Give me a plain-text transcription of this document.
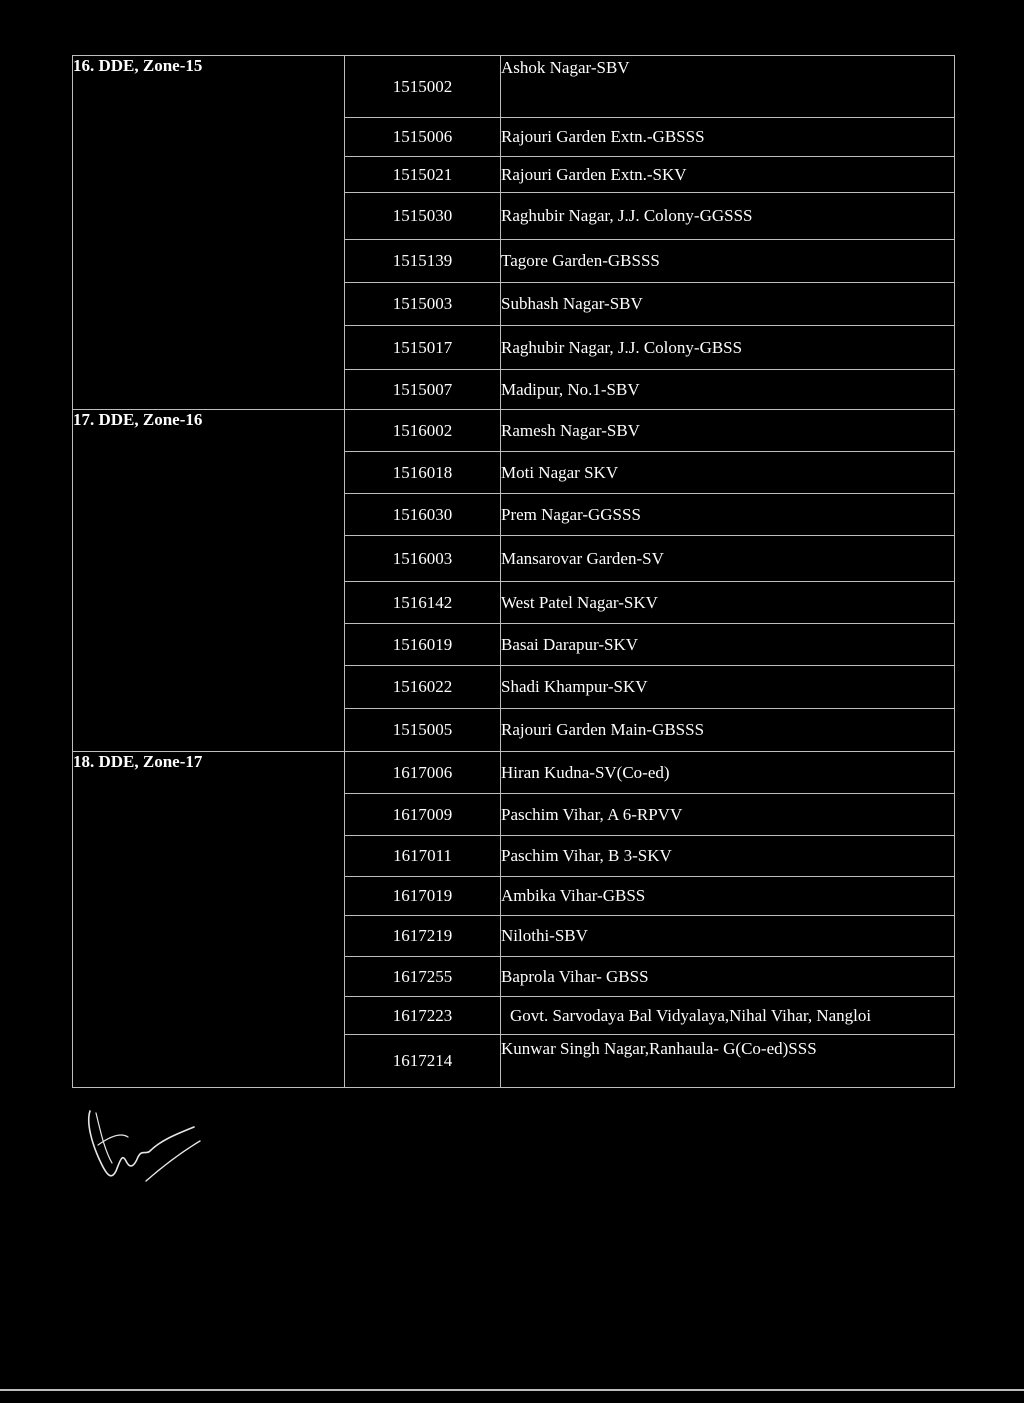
16. DDE, Zone-15	1515002	Ashok Nagar-SBV
	1515006	Rajouri Garden Extn.-GBSSS
	1515021	Rajouri Garden Extn.-SKV
	1515030	Raghubir Nagar, J.J. Colony-GGSSS
	1515139	Tagore Garden-GBSSS
	1515003	Subhash Nagar-SBV
	1515017	Raghubir Nagar, J.J. Colony-GBSS
	1515007	Madipur, No.1-SBV
17. DDE, Zone-16	1516002	Ramesh Nagar-SBV
	1516018	Moti Nagar SKV
	1516030	Prem Nagar-GGSSS
	1516003	Mansarovar Garden-SV
	1516142	West Patel Nagar-SKV
	1516019	Basai Darapur-SKV
	1516022	Shadi Khampur-SKV
	1515005	Rajouri Garden Main-GBSSS
18. DDE, Zone-17	1617006	Hiran Kudna-SV(Co-ed)
	1617009	Paschim Vihar, A 6-RPVV
	1617011	Paschim Vihar, B 3-SKV
	1617019	Ambika Vihar-GBSS
	1617219	Nilothi-SBV
	1617255	Baprola Vihar- GBSS
	1617223	Govt. Sarvodaya Bal Vidyalaya,Nihal Vihar, Nangloi
	1617214	Kunwar Singh Nagar,Ranhaula- G(Co-ed)SSS
